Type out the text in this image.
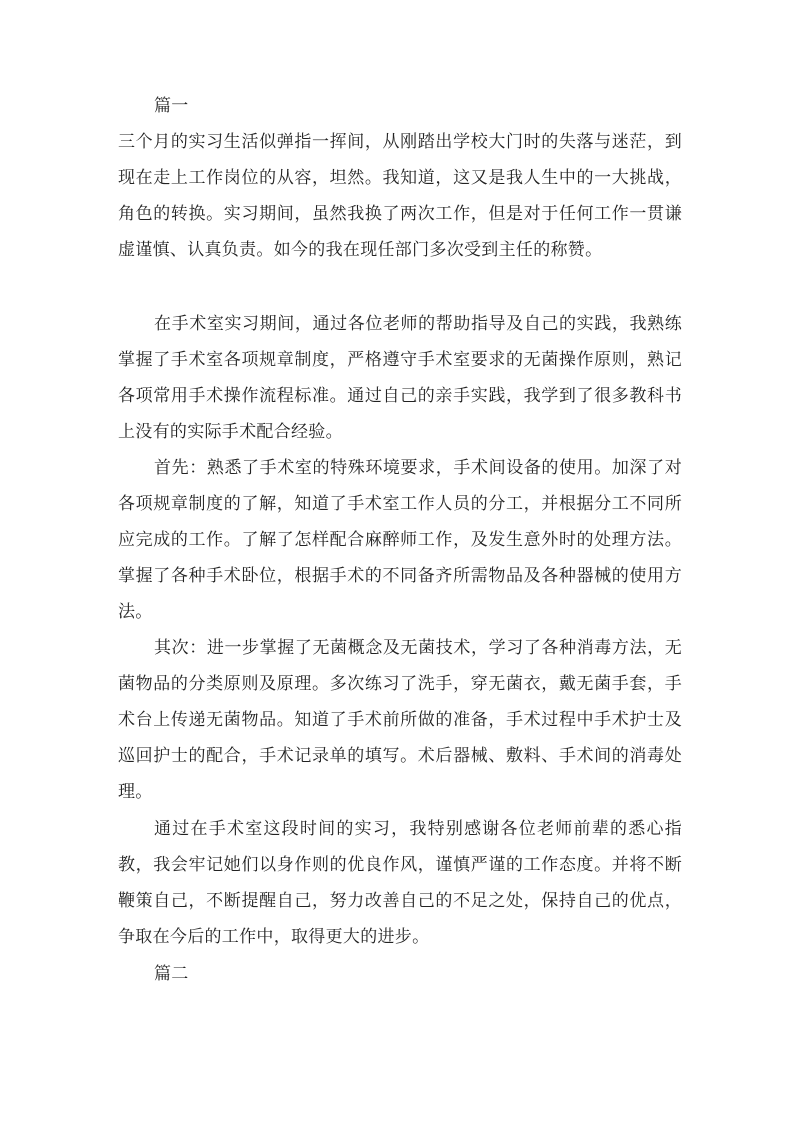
篇一

三个月的实习生活似弹指一挥间，从刚踏出学校大门时的失落与迷茫，到现在走上工作岗位的从容，坦然。我知道，这又是我人生中的一大挑战，角色的转换。实习期间，虽然我换了两次工作，但是对于任何工作一贯谦虚谨慎、认真负责。如今的我在现任部门多次受到主任的称赞。

在手术室实习期间，通过各位老师的帮助指导及自己的实践，我熟练掌握了手术室各项规章制度，严格遵守手术室要求的无菌操作原则，熟记各项常用手术操作流程标准。通过自己的亲手实践，我学到了很多教科书上没有的实际手术配合经验。

首先：熟悉了手术室的特殊环境要求，手术间设备的使用。加深了对各项规章制度的了解，知道了手术室工作人员的分工，并根据分工不同所应完成的工作。了解了怎样配合麻醉师工作，及发生意外时的处理方法。掌握了各种手术卧位，根据手术的不同备齐所需物品及各种器械的使用方法。

其次：进一步掌握了无菌概念及无菌技术，学习了各种消毒方法，无菌物品的分类原则及原理。多次练习了洗手，穿无菌衣，戴无菌手套，手术台上传递无菌物品。知道了手术前所做的准备，手术过程中手术护士及巡回护士的配合，手术记录单的填写。术后器械、敷料、手术间的消毒处理。

通过在手术室这段时间的实习，我特别感谢各位老师前辈的悉心指教，我会牢记她们以身作则的优良作风，谨慎严谨的工作态度。并将不断鞭策自己，不断提醒自己，努力改善自己的不足之处，保持自己的优点，争取在今后的工作中，取得更大的进步。

篇二
